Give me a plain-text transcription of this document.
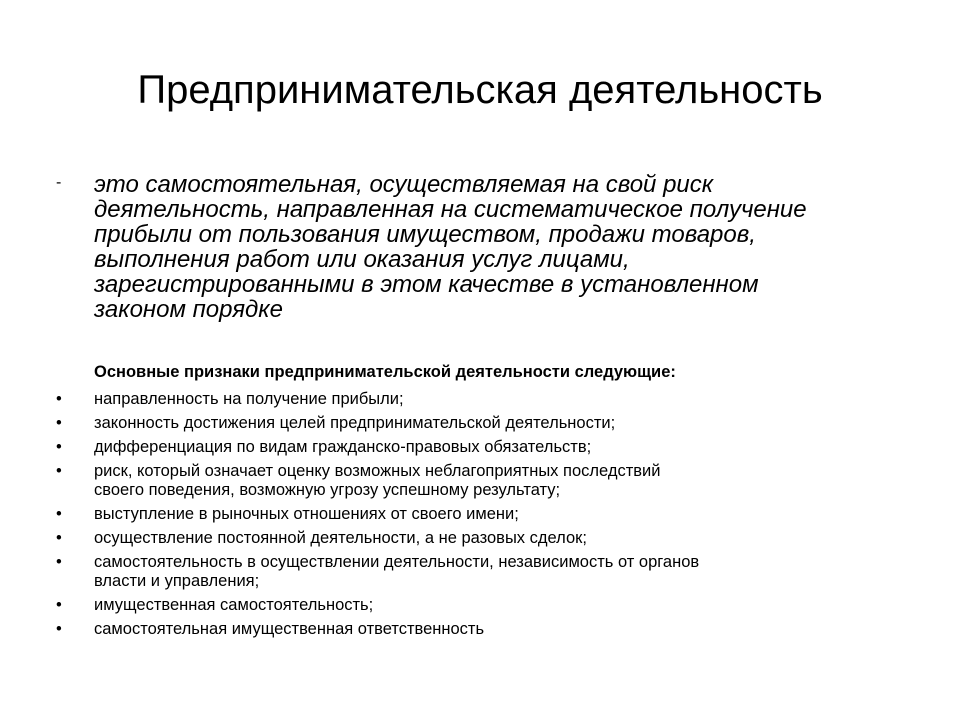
Предпринимательская деятельность
- это самостоятельная, осуществляемая на свой риск
деятельность, направленная на систематическое получение
прибыли от пользования имуществом, продажи товаров,
выполнения работ или оказания услуг лицами,
зарегистрированными в этом качестве в установленном
законом порядке
Основные признаки предпринимательской деятельности следующие:
• направленность на получение прибыли;
• законность достижения целей предпринимательской деятельности;
• дифференциация по видам гражданско-правовых обязательств;
• риск, который означает оценку возможных неблагоприятных последствий
своего поведения, возможную угрозу успешному результату;
• выступление в рыночных отношениях от своего имени;
• осуществление постоянной деятельности, а не разовых сделок;
• самостоятельность в осуществлении деятельности, независимость от органов
власти и управления;
• имущественная самостоятельность;
• самостоятельная имущественная ответственность
